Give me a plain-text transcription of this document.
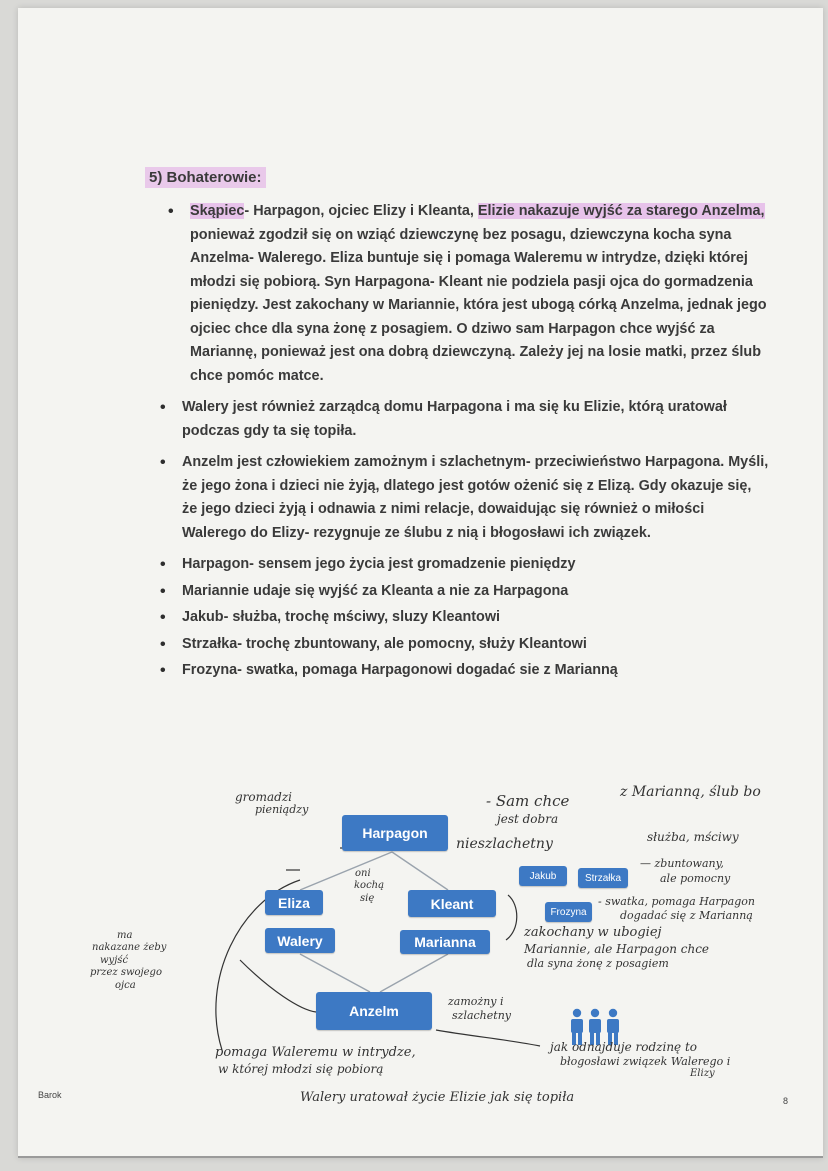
5) Bohaterowie:
• Skąpiec- Harpagon, ojciec Elizy i Kleanta, Elizie nakazuje wyjść za starego Anzelma, ponieważ zgodził się on wziąć dziewczynę bez posagu, dziewczyna kocha syna Anzelma- Walerego. Eliza buntuje się i pomaga Waleremu w intrydze, dzięki której młodzi się pobiorą. Syn Harpagona- Kleant nie podziela pasji ojca do gormadzenia pieniędzy. Jest zakochany w Mariannie, która jest ubogą córką Anzelma, jednak jego ojciec chce dla syna żonę z posagiem. O dziwo sam Harpagon chce wyjść za Mariannę, ponieważ jest ona dobrą dziewczyną. Zależy jej na losie matki, przez ślub chce pomóc matce.
• Walery jest również zarządcą domu Harpagona i ma się ku Elizie, którą uratował podczas gdy ta się topiła.
• Anzelm jest człowiekiem zamożnym i szlachetnym- przeciwieństwo Harpagona. Myśli, że jego żona i dzieci nie żyją, dlatego jest gotów ożenić się z Elizą. Gdy okazuje się, że jego dzieci żyją i odnawia z nimi relacje, dowaidując się również o miłości Walerego do Elizy- rezygnuje ze ślubu z nią i błogosławi ich związek.
• Harpagon- sensem jego życia jest gromadzenie pieniędzy
• Mariannie udaje się wyjść za Kleanta a nie za Harpagona
• Jakub- służba, trochę mściwy, sluzy Kleantowi
• Strzałka- trochę zbuntowany, ale pomocny, służy Kleantowi
• Frozyna- swatka, pomaga Harpagonowi dogadać sie z Marianną
Harpagon
Eliza
Walery
Kleant
Marianna
Anzelm
Jakub	Strzałka
Frozyna
gromadzi
pieniądzy	- Sam chce	z Marianną, ślub bo
jest dobra
nieszlachetny	służba, mściwy
— zbuntowany,
ale pomocny
- swatka, pomaga Harpagon
dogadać się z Marianną
zakochany w ubogiej
Mariannie, ale Harpagon chce
dla syna żonę z posagiem
oni
kochą
się
ma
nakazane żeby
wyjść
przez swojego
ojca
zamożny i
szlachetny
pomaga Waleremu w intrydze,
w której młodzi się pobiorą
jak odnajduje rodzinę to
błogosławi związek Walerego i
Elizy
Walery uratował życie Elizie jak się topiła
Barok
8
